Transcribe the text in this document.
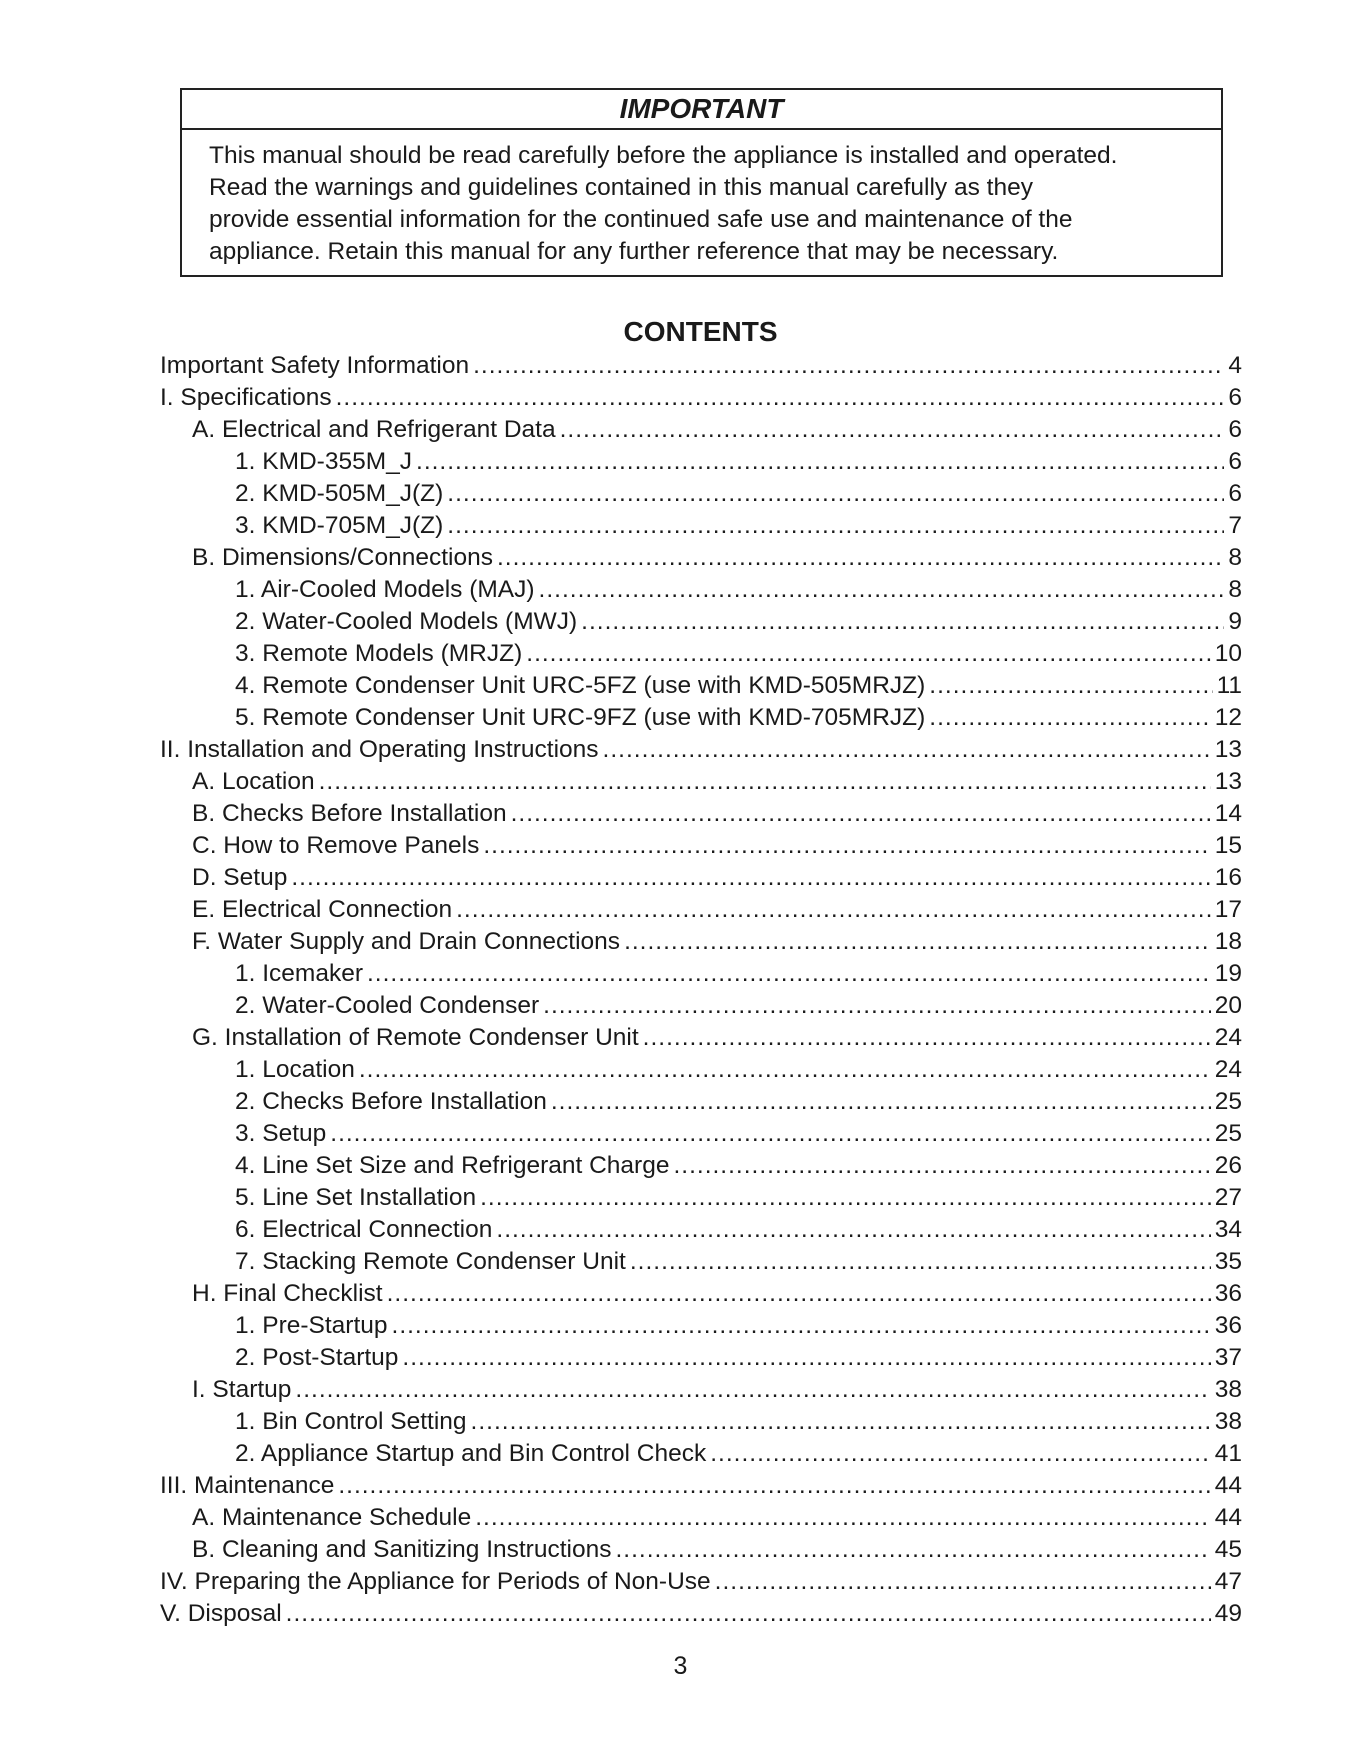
IMPORTANT
This manual should be read carefully before the appliance is installed and operated.
Read the warnings and guidelines contained in this manual carefully as they
provide essential information for the continued safe use and maintenance of the
appliance. Retain this manual for any further reference that may be necessary.
CONTENTS
Important Safety Information .....	4
I. Specifications .....	6
A. Electrical and Refrigerant Data .....	6
1. KMD-355M_J .....	6
2. KMD-505M_J(Z) .....	6
3. KMD-705M_J(Z) .....	7
B. Dimensions/Connections .....	8
1. Air-Cooled Models (MAJ) .....	8
2. Water-Cooled Models (MWJ) .....	9
3. Remote Models (MRJZ) .....	10
4. Remote Condenser Unit URC-5FZ (use with KMD-505MRJZ) .....	11
5. Remote Condenser Unit URC-9FZ (use with KMD-705MRJZ) .....	12
II. Installation and Operating Instructions .....	13
A. Location .....	13
B. Checks Before Installation .....	14
C. How to Remove Panels .....	15
D. Setup .....	16
E. Electrical Connection .....	17
F. Water Supply and Drain Connections .....	18
1. Icemaker .....	19
2. Water-Cooled Condenser .....	20
G. Installation of Remote Condenser Unit .....	24
1. Location .....	24
2. Checks Before Installation .....	25
3. Setup .....	25
4. Line Set Size and Refrigerant Charge .....	26
5. Line Set Installation .....	27
6. Electrical Connection .....	34
7. Stacking Remote Condenser Unit .....	35
H. Final Checklist .....	36
1. Pre-Startup .....	36
2. Post-Startup .....	37
I. Startup .....	38
1. Bin Control Setting .....	38
2. Appliance Startup and Bin Control Check .....	41
III. Maintenance .....	44
A. Maintenance Schedule .....	44
B. Cleaning and Sanitizing Instructions .....	45
IV. Preparing the Appliance for Periods of Non-Use .....	47
V. Disposal .....	49
3
